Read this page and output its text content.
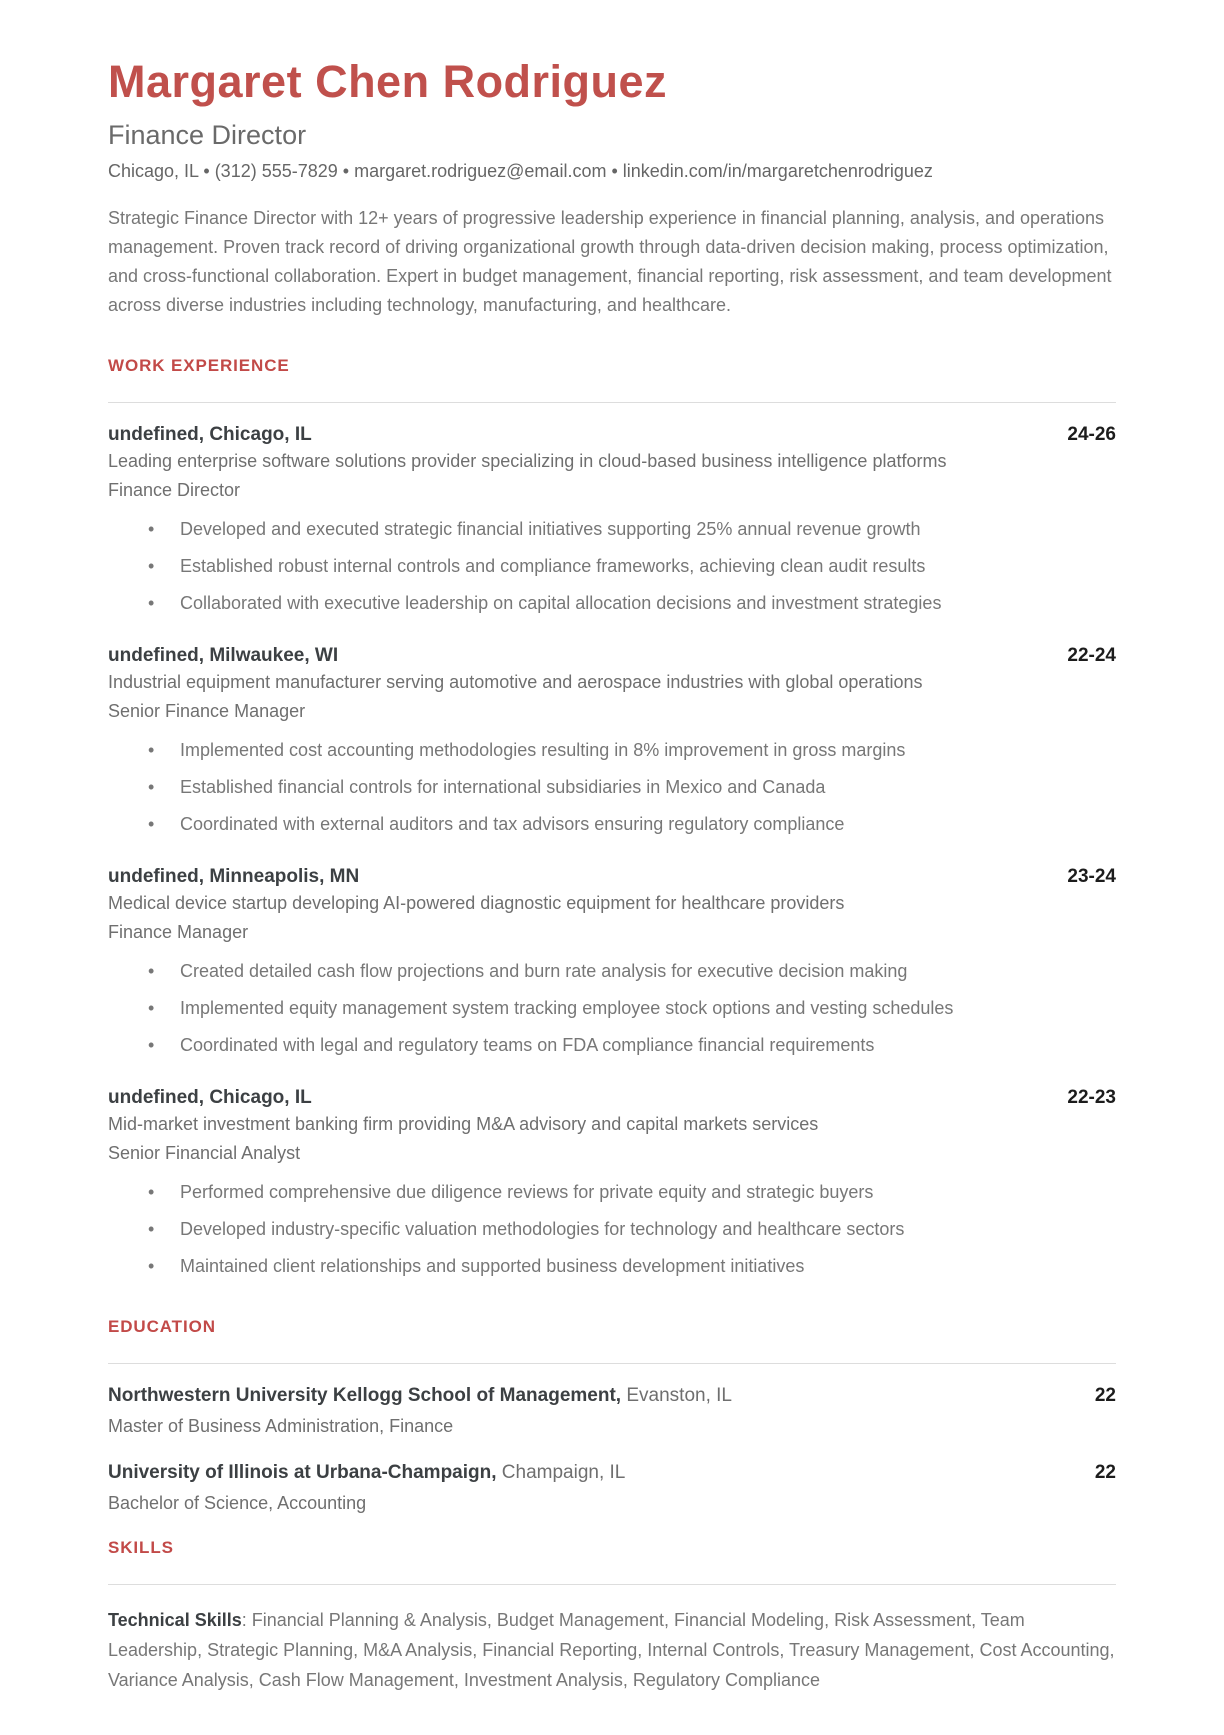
Margaret Chen Rodriguez
Finance Director
Chicago, IL • (312) 555-7829 • margaret.rodriguez@email.com • linkedin.com/in/margaretchenrodriguez

Strategic Finance Director with 12+ years of progressive leadership experience in financial planning, analysis, and operations management. Proven track record of driving organizational growth through data-driven decision making, process optimization, and cross-functional collaboration. Expert in budget management, financial reporting, risk assessment, and team development across diverse industries including technology, manufacturing, and healthcare.

WORK EXPERIENCE
undefined, Chicago, IL	24-26
Leading enterprise software solutions provider specializing in cloud-based business intelligence platforms
Finance Director
• Developed and executed strategic financial initiatives supporting 25% annual revenue growth
• Established robust internal controls and compliance frameworks, achieving clean audit results
• Collaborated with executive leadership on capital allocation decisions and investment strategies
undefined, Milwaukee, WI	22-24
Industrial equipment manufacturer serving automotive and aerospace industries with global operations
Senior Finance Manager
• Implemented cost accounting methodologies resulting in 8% improvement in gross margins
• Established financial controls for international subsidiaries in Mexico and Canada
• Coordinated with external auditors and tax advisors ensuring regulatory compliance
undefined, Minneapolis, MN	23-24
Medical device startup developing AI-powered diagnostic equipment for healthcare providers
Finance Manager
• Created detailed cash flow projections and burn rate analysis for executive decision making
• Implemented equity management system tracking employee stock options and vesting schedules
• Coordinated with legal and regulatory teams on FDA compliance financial requirements
undefined, Chicago, IL	22-23
Mid-market investment banking firm providing M&A advisory and capital markets services
Senior Financial Analyst
• Performed comprehensive due diligence reviews for private equity and strategic buyers
• Developed industry-specific valuation methodologies for technology and healthcare sectors
• Maintained client relationships and supported business development initiatives
EDUCATION
Northwestern University Kellogg School of Management, Evanston, IL	22
Master of Business Administration, Finance
University of Illinois at Urbana-Champaign, Champaign, IL	22
Bachelor of Science, Accounting
SKILLS

Technical Skills: Financial Planning & Analysis, Budget Management, Financial Modeling, Risk Assessment, Team Leadership, Strategic Planning, M&A Analysis, Financial Reporting, Internal Controls, Treasury Management, Cost Accounting, Variance Analysis, Cash Flow Management, Investment Analysis, Regulatory Compliance
